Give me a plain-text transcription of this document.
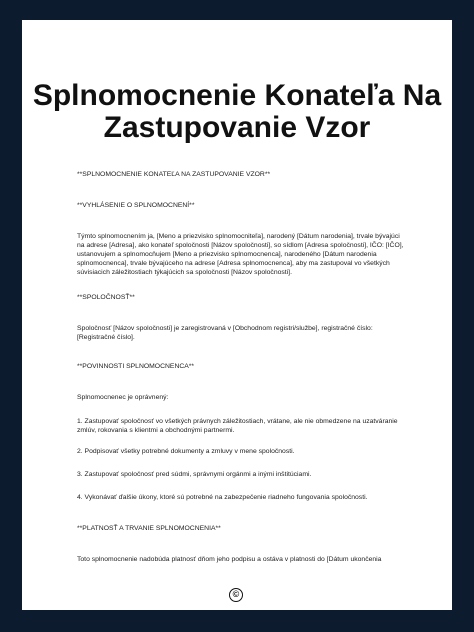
Splnomocnenie Konateľa Na Zastupovanie Vzor

**SPLNOMOCNENIE KONATEĽA NA ZASTUPOVANIE VZOR**

**VYHLÁSENIE O SPLNOMOCNENÍ**

Týmto splnomocnením ja, [Meno a priezvisko splnomocniteľa], narodený [Dátum narodenia], trvale bývajúci na adrese [Adresa], ako konateľ spoločnosti [Názov spoločnosti], so sídlom [Adresa spoločnosti], IČO: [IČO], ustanovujem a splnomocňujem [Meno a priezvisko splnomocnenca], narodeného [Dátum narodenia splnomocnenca], trvale bývajúceho na adrese [Adresa splnomocnenca], aby ma zastupoval vo všetkých súvisiacich záležitostiach týkajúcich sa spoločnosti [Názov spoločnosti].

**SPOLOČNOSŤ**

Spoločnosť [Názov spoločnosti] je zaregistrovaná v [Obchodnom registri/službe], registračné číslo: [Registračné číslo].

**POVINNOSTI SPLNOMOCNENCA**

Splnomocnenec je oprávnený:

1. Zastupovať spoločnosť vo všetkých právnych záležitostiach, vrátane, ale nie obmedzene na uzatváranie zmlúv, rokovania s klientmi a obchodnými partnermi.

2. Podpisovať všetky potrebné dokumenty a zmluvy v mene spoločnosti.

3. Zastupovať spoločnosť pred súdmi, správnymi orgánmi a inými inštitúciami.

4. Vykonávať ďalšie úkony, ktoré sú potrebné na zabezpečenie riadneho fungovania spoločnosti.

**PLATNOSŤ A TRVANIE SPLNOMOCNENIA**

Toto splnomocnenie nadobúda platnosť dňom jeho podpisu a ostáva v platnosti do [Dátum ukončenia

©
